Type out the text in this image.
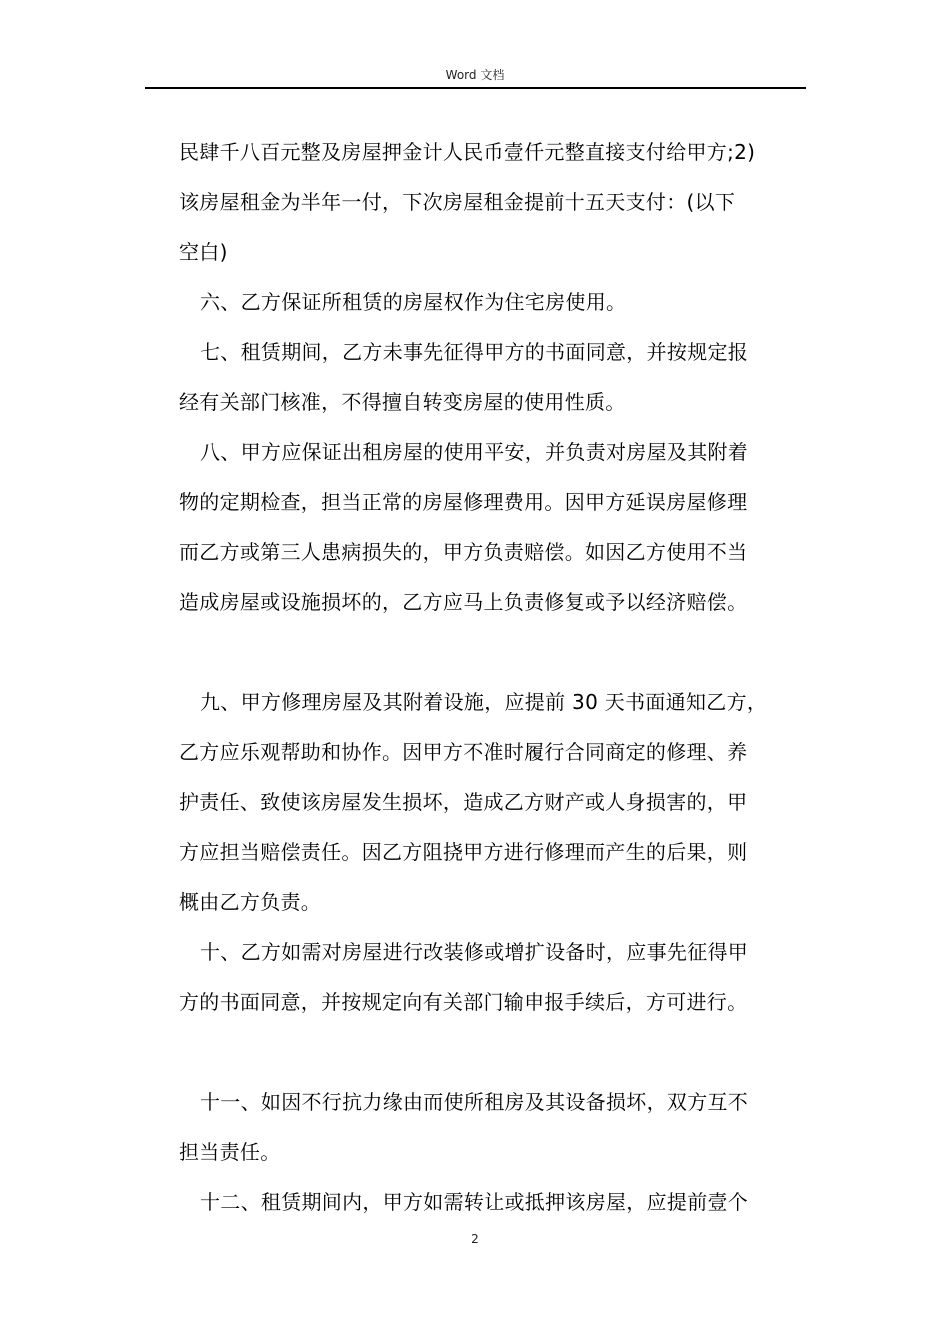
Word 文档
民肆千八百元整及房屋押金计人民币壹仟元整直接支付给甲方;2)
该房屋租金为半年一付，下次房屋租金提前十五天支付：(以下
空白)
六、乙方保证所租赁的房屋权作为住宅房使用。
七、租赁期间，乙方未事先征得甲方的书面同意，并按规定报
经有关部门核准，不得擅自转变房屋的使用性质。
八、甲方应保证出租房屋的使用平安，并负责对房屋及其附着
物的定期检查，担当正常的房屋修理费用。因甲方延误房屋修理
而乙方或第三人患病损失的，甲方负责赔偿。如因乙方使用不当
造成房屋或设施损坏的，乙方应马上负责修复或予以经济赔偿。
九、甲方修理房屋及其附着设施，应提前 30 天书面通知乙方，
乙方应乐观帮助和协作。因甲方不准时履行合同商定的修理、养
护责任、致使该房屋发生损坏，造成乙方财产或人身损害的，甲
方应担当赔偿责任。因乙方阻挠甲方进行修理而产生的后果，则
概由乙方负责。
十、乙方如需对房屋进行改装修或增扩设备时，应事先征得甲
方的书面同意，并按规定向有关部门输申报手续后，方可进行。
十一、如因不行抗力缘由而使所租房及其设备损坏，双方互不
担当责任。
十二、租赁期间内，甲方如需转让或抵押该房屋，应提前壹个
2
